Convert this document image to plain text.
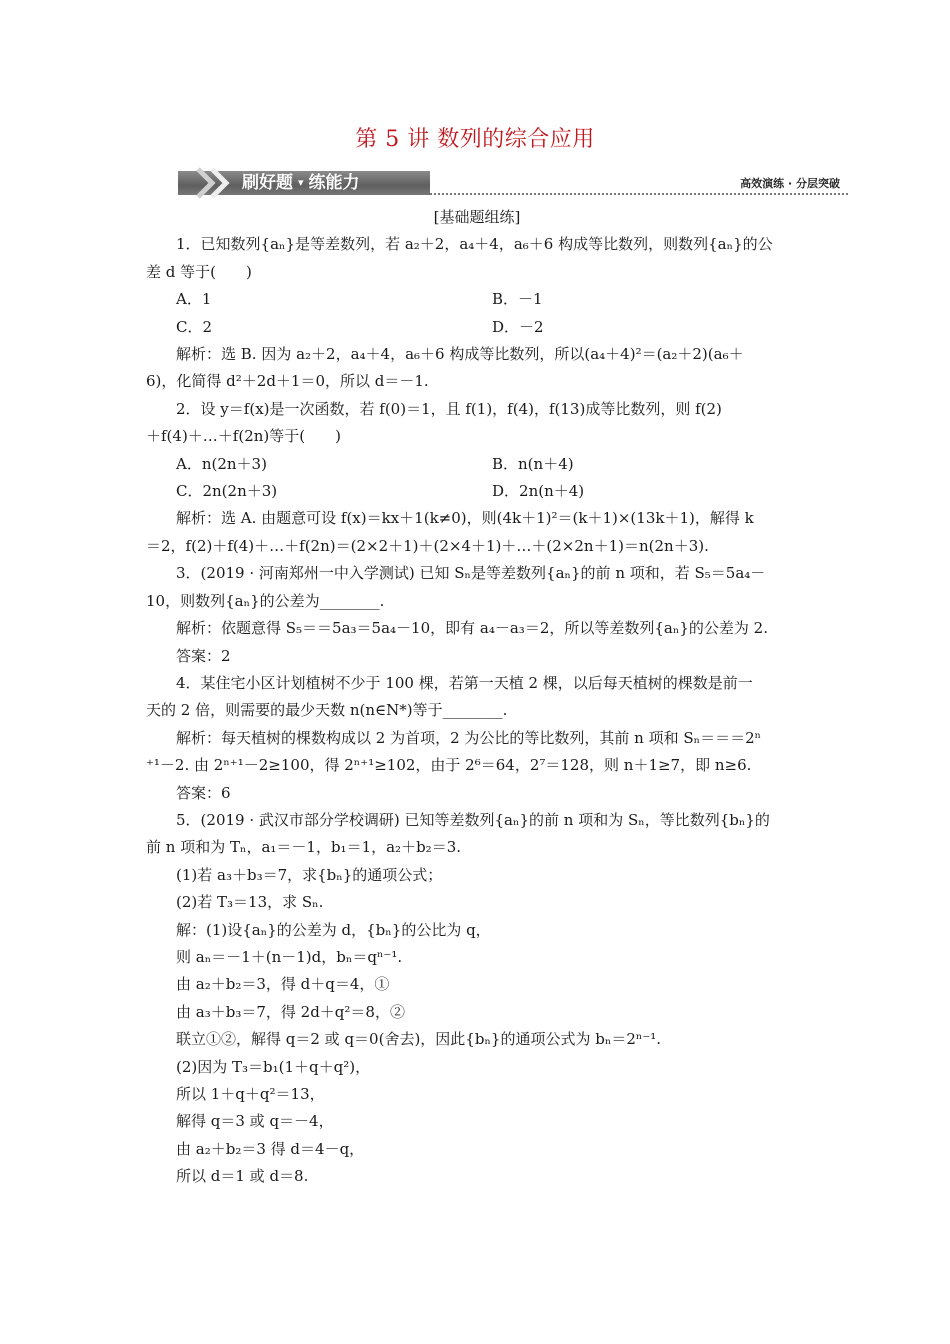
第 5 讲 数列的综合应用
刷好题 ▾ 练能力	高效演练 · 分层突破

[基础题组练]

1．已知数列{aₙ}是等差数列，若 a₂＋2，a₄＋4，a₆＋6 构成等比数列，则数列{aₙ}的公

差 d 等于(　　)

A．1	B．－1
C．2	D．－2

解析：选 B. 因为 a₂＋2，a₄＋4，a₆＋6 构成等比数列，所以(a₄＋4)²＝(a₂＋2)(a₆＋

6)，化简得 d²＋2d＋1＝0，所以 d＝－1.

2．设 y＝f(x)是一次函数，若 f(0)＝1，且 f(1)，f(4)，f(13)成等比数列，则 f(2)

＋f(4)＋…＋f(2n)等于(　　)

A．n(2n＋3)	B．n(n＋4)
C．2n(2n＋3)	D．2n(n＋4)

解析：选 A. 由题意可设 f(x)＝kx＋1(k≠0)，则(4k＋1)²＝(k＋1)×(13k＋1)，解得 k

＝2，f(2)＋f(4)＋…＋f(2n)＝(2×2＋1)＋(2×4＋1)＋…＋(2×2n＋1)＝n(2n＋3).

3．(2019 · 河南郑州一中入学测试) 已知 Sₙ是等差数列{aₙ}的前 n 项和，若 S₅＝5a₄－

10，则数列{aₙ}的公差为________.

解析：依题意得 S₅＝＝5a₃＝5a₄－10，即有 a₄－a₃＝2，所以等差数列{aₙ}的公差为 2.

答案：2

4．某住宅小区计划植树不少于 100 棵，若第一天植 2 棵，以后每天植树的棵数是前一

天的 2 倍，则需要的最少天数 n(n∈N*)等于________.

解析：每天植树的棵数构成以 2 为首项，2 为公比的等比数列，其前 n 项和 Sₙ＝＝＝2ⁿ

⁺¹－2. 由 2ⁿ⁺¹－2≥100，得 2ⁿ⁺¹≥102，由于 2⁶＝64，2⁷＝128，则 n＋1≥7，即 n≥6.

答案：6

5．(2019 · 武汉市部分学校调研) 已知等差数列{aₙ}的前 n 项和为 Sₙ，等比数列{bₙ}的

前 n 项和为 Tₙ，a₁＝－1，b₁＝1，a₂＋b₂＝3.

(1)若 a₃＋b₃＝7，求{bₙ}的通项公式；

(2)若 T₃＝13，求 Sₙ.

解：(1)设{aₙ}的公差为 d，{bₙ}的公比为 q，

则 aₙ＝－1＋(n－1)d，bₙ＝qⁿ⁻¹.

由 a₂＋b₂＝3，得 d＋q＝4，①

由 a₃＋b₃＝7，得 2d＋q²＝8，②

联立①②，解得 q＝2 或 q＝0(舍去)，因此{bₙ}的通项公式为 bₙ＝2ⁿ⁻¹.

(2)因为 T₃＝b₁(1＋q＋q²)，

所以 1＋q＋q²＝13，

解得 q＝3 或 q＝－4，

由 a₂＋b₂＝3 得 d＝4－q，

所以 d＝1 或 d＝8.
